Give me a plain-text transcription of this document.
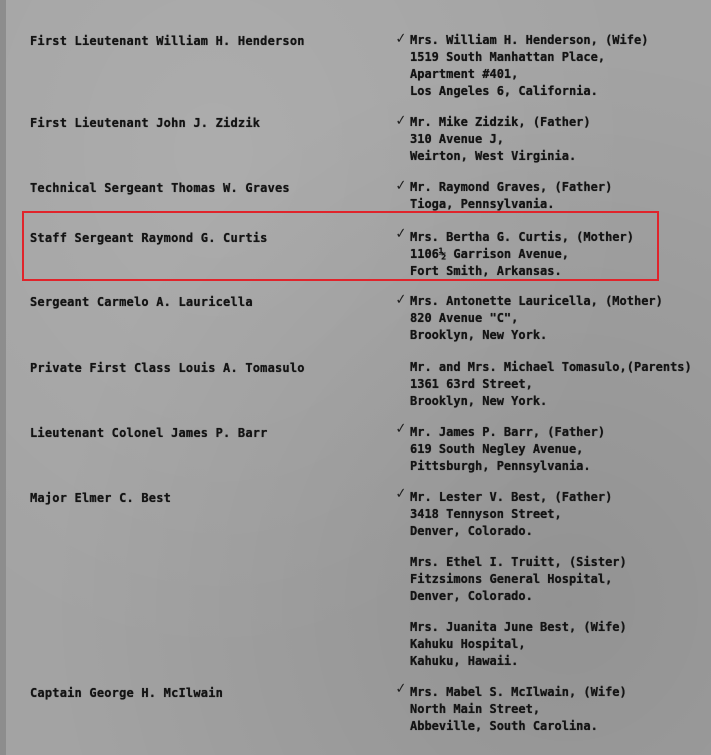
First Lieutenant William H. Henderson	Mrs. William H. Henderson, (Wife)
1519 South Manhattan Place,
Apartment #401,
Los Angeles 6, California.
✓
First Lieutenant John J. Zidzik	Mr. Mike Zidzik, (Father)
310 Avenue J,
Weirton, West Virginia.
✓
Technical Sergeant Thomas W. Graves	Mr. Raymond Graves, (Father)
Tioga, Pennsylvania.
✓
Staff Sergeant Raymond G. Curtis	Mrs. Bertha G. Curtis, (Mother)
1106½ Garrison Avenue,
Fort Smith, Arkansas.
✓
Sergeant Carmelo A. Lauricella	Mrs. Antonette Lauricella, (Mother)
820 Avenue "C",
Brooklyn, New York.
✓
Private First Class Louis A. Tomasulo	Mr. and Mrs. Michael Tomasulo,(Parents)
1361 63rd Street,
Brooklyn, New York.
Lieutenant Colonel James P. Barr	Mr. James P. Barr, (Father)
619 South Negley Avenue,
Pittsburgh, Pennsylvania.
✓
Major Elmer C. Best	Mr. Lester V. Best, (Father)
3418 Tennyson Street,
Denver, Colorado.
✓
Mrs. Ethel I. Truitt, (Sister)
Fitzsimons General Hospital,
Denver, Colorado.
Mrs. Juanita June Best, (Wife)
Kahuku Hospital,
Kahuku, Hawaii.
Captain George H. McIlwain	Mrs. Mabel S. McIlwain, (Wife)
North Main Street,
Abbeville, South Carolina.
✓
